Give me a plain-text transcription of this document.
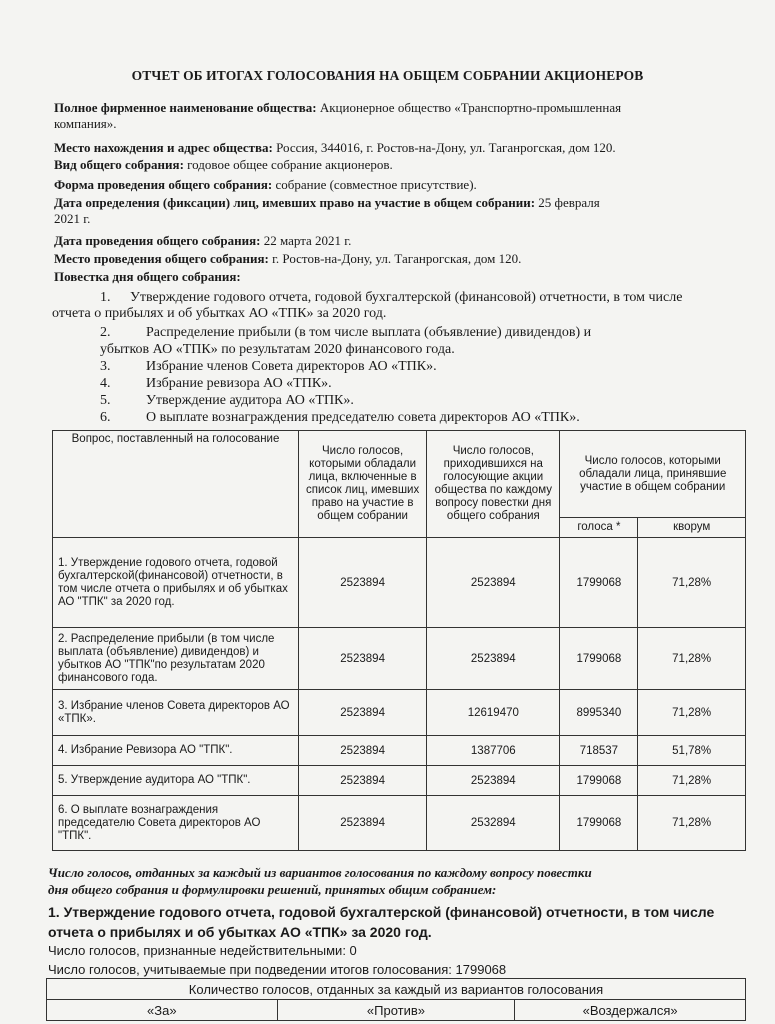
ОТЧЕТ ОБ ИТОГАХ ГОЛОСОВАНИЯ НА ОБЩЕМ СОБРАНИИ АКЦИОНЕРОВ
Полное фирменное наименование общества: Акционерное общество «Транспортно-промышленная
компания».
Место нахождения и адрес общества: Россия, 344016, г. Ростов-на-Дону, ул. Таганрогская, дом 120.
Вид общего собрания: годовое общее собрание акционеров.
Форма проведения общего собрания: собрание (совместное присутствие).
Дата определения (фиксации) лиц, имевших право на участие в общем собрании: 25 февраля
2021 г.
Дата проведения общего собрания: 22 марта 2021 г.
Место проведения общего собрания: г. Ростов-на-Дону, ул. Таганрогская, дом 120.
Повестка дня общего собрания:
1. Утверждение годового отчета, годовой бухгалтерской (финансовой) отчетности, в том числе
отчета о прибылях и об убытках АО «ТПК» за 2020 год.
2.	Распределение прибыли (в том числе выплата (объявление) дивидендов) и
убытков АО «ТПК» по результатам 2020 финансового года.
3.	Избрание членов Совета директоров АО «ТПК».
4.	Избрание ревизора АО «ТПК».
5.	Утверждение аудитора АО «ТПК».
6.	О выплате вознаграждения председателю совета директоров АО «ТПК».
Вопрос, поставленный на голосование	Число голосов, которыми обладали лица, включенные в список лиц, имевших право на участие в общем собрании	Число голосов, приходившихся на голосующие акции общества по каждому вопросу повестки дня общего собрания	Число голосов, которыми обладали лица, принявшие участие в общем собрании	
			голоса *	кворум
1. Утверждение годового отчета, годовой бухгалтерской(финансовой) отчетности, в том числе отчета о прибылях и об убытках АО "ТПК" за 2020 год.	2523894	2523894	1799068	71,28%
2. Распределение прибыли (в том числе выплата (объявление) дивидендов) и убытков АО "ТПК"по результатам 2020 финансового года.	2523894	2523894	1799068	71,28%
3. Избрание членов Совета директоров АО «ТПК».	2523894	12619470	8995340	71,28%
4. Избрание Ревизора АО "ТПК".	2523894	1387706	718537	51,78%
5. Утверждение аудитора АО "ТПК".	2523894	2523894	1799068	71,28%
6. О выплате вознаграждения председателю Совета директоров АО "ТПК".	2523894	2532894	1799068	71,28%
Число голосов, отданных за каждый из вариантов голосования по каждому вопросу повестки
дня общего собрания и формулировки решений, принятых общим собранием:
1. Утверждение годового отчета, годовой бухгалтерской (финансовой) отчетности, в том числе отчета о прибылях и об убытках АО «ТПК» за 2020 год.
Число голосов, признанные недействительными: 0
Число голосов, учитываемые при подведении итогов голосования: 1799068
Количество голосов, отданных за каждый из вариантов голосования
«За»	«Против»	«Воздержался»
